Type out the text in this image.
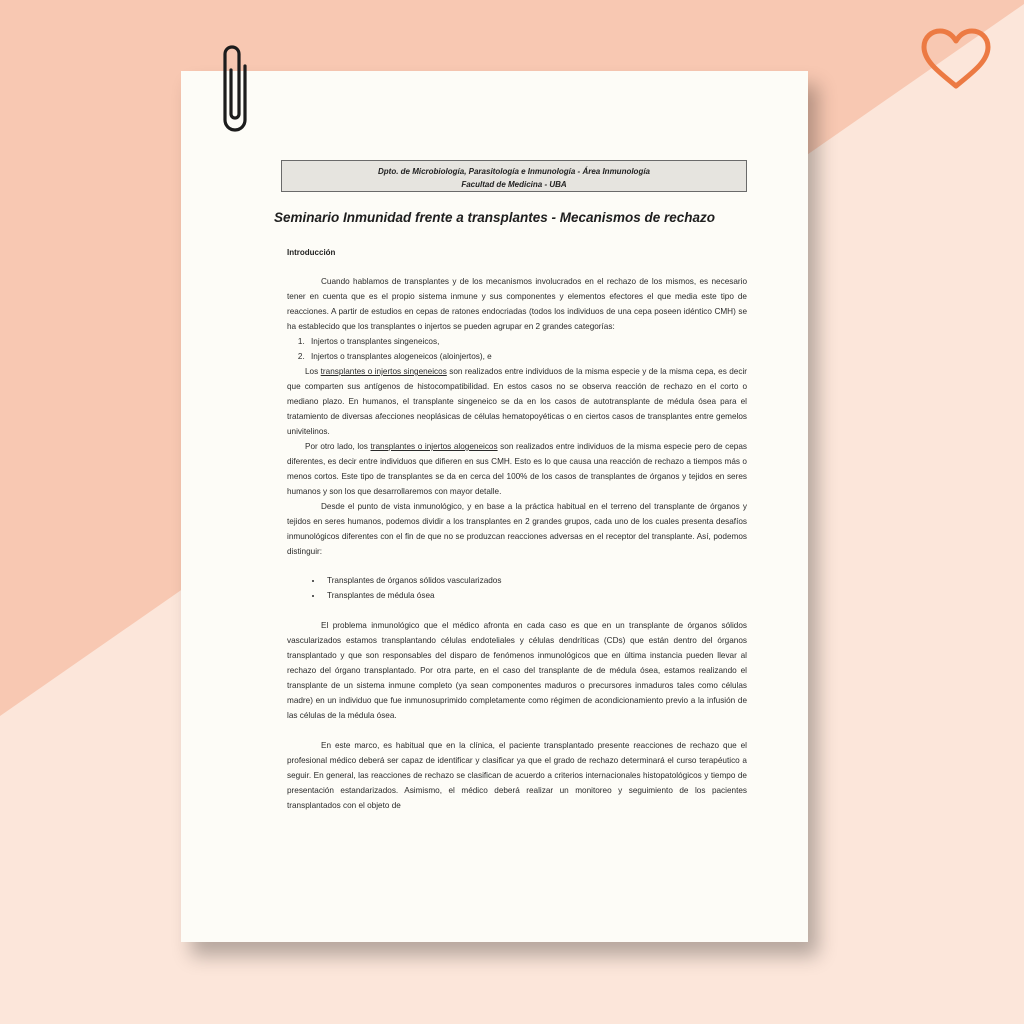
Dpto. de Microbiología, Parasitología e Inmunología - Área Inmunología
Facultad de Medicina - UBA
Seminario Inmunidad frente a transplantes - Mecanismos de rechazo
Introducción

Cuando hablamos de transplantes y de los mecanismos involucrados en el rechazo de los mismos, es necesario tener en cuenta que es el propio sistema inmune y sus componentes y elementos efectores el que media este tipo de reacciones. A partir de estudios en cepas de ratones endocriadas (todos los individuos de una cepa poseen idéntico CMH) se ha establecido que los transplantes o injertos se pueden agrupar en 2 grandes categorías:

1. Injertos o transplantes singeneicos,
2. Injertos o transplantes alogeneicos (aloinjertos), e

Los transplantes o injertos singeneicos son realizados entre individuos de la misma especie y de la misma cepa, es decir que comparten sus antígenos de histocompatibilidad. En estos casos no se observa reacción de rechazo en el corto o mediano plazo. En humanos, el transplante singeneico se da en los casos de autotransplante de médula ósea para el tratamiento de diversas afecciones neoplásicas de células hematopoyéticas o en ciertos casos de transplantes entre gemelos univitelinos.

Por otro lado, los transplantes o injertos alogeneicos son realizados entre individuos de la misma especie pero de cepas diferentes, es decir entre individuos que difieren en sus CMH. Esto es lo que causa una reacción de rechazo a tiempos más o menos cortos. Este tipo de transplantes se da en cerca del 100% de los casos de transplantes de órganos y tejidos en seres humanos y son los que desarrollaremos con mayor detalle.

Desde el punto de vista inmunológico, y en base a la práctica habitual en el terreno del transplante de órganos y tejidos en seres humanos, podemos dividir a los transplantes en 2 grandes grupos, cada uno de los cuales presenta desafíos inmunológicos diferentes con el fin de que no se produzcan reacciones adversas en el receptor del transplante. Así, podemos distinguir:

• Transplantes de órganos sólidos vascularizados
• Transplantes de médula ósea

El problema inmunológico que el médico afronta en cada caso es que en un transplante de órganos sólidos vascularizados estamos transplantando células endoteliales y células dendríticas (CDs) que están dentro del órganos transplantado y que son responsables del disparo de fenómenos inmunológicos que en última instancia pueden llevar al rechazo del órgano transplantado. Por otra parte, en el caso del transplante de de médula ósea, estamos realizando el transplante de un sistema inmune completo (ya sean componentes maduros o precursores inmaduros tales como células madre) en un individuo que fue inmunosuprimido completamente como régimen de acondicionamiento previo a la infusión de las células de la médula ósea.

En este marco, es habitual que en la clínica, el paciente transplantado presente reacciones de rechazo que el profesional médico deberá ser capaz de identificar y clasificar ya que el grado de rechazo determinará el curso terapéutico a seguir. En general, las reacciones de rechazo se clasifican de acuerdo a criterios internacionales histopatológicos y tiempo de presentación estandarizados. Asimismo, el médico deberá realizar un monitoreo y seguimiento de los pacientes transplantados con el objeto de
